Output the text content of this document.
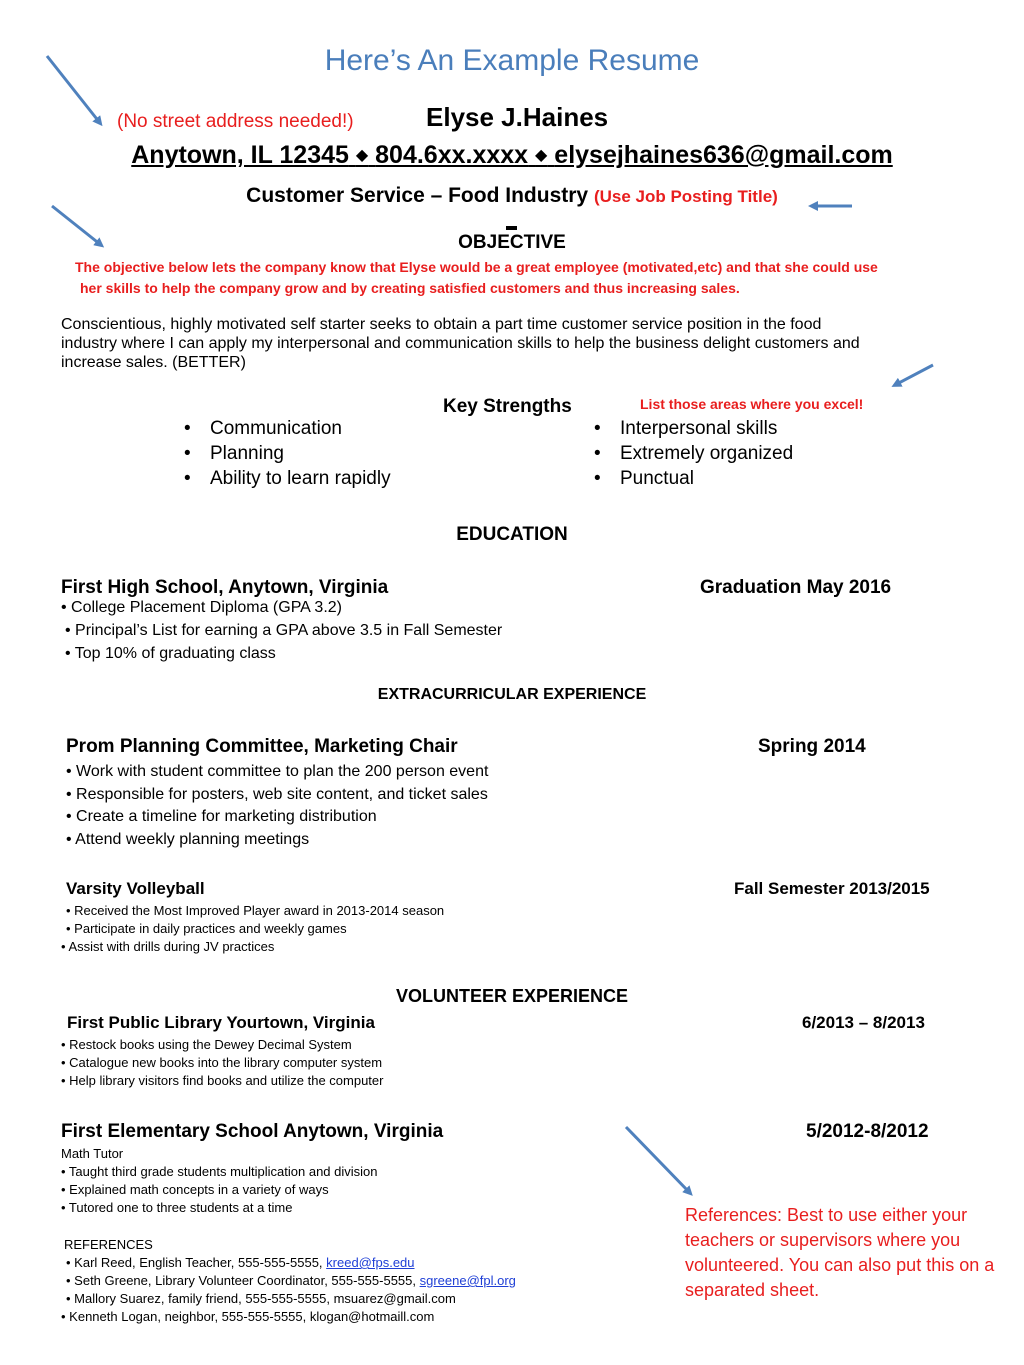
Here’s An Example Resume
(No street address needed!)	Elyse J.Haines
Anytown, IL 12345 ◆ 804.6xx.xxxx ◆ elysejhaines636@gmail.com
Customer Service – Food Industry (Use Job Posting Title)
OBJECTIVE
The objective below lets the company know that Elyse would be a great employee (motivated,etc) and that she could use
her skills to help the company grow and by creating satisfied customers and thus increasing sales.
Conscientious, highly motivated self starter seeks to obtain a part time customer service position in the food
industry where I can apply my interpersonal and communication skills to help the business delight customers and
increase sales. (BETTER)
Key Strengths	List those areas where you excel!
• Communication
• Planning
• Ability to learn rapidly
• Interpersonal skills
• Extremely organized
• Punctual
EDUCATION
First High School, Anytown, Virginia	Graduation May 2016
• College Placement Diploma (GPA 3.2)
• Principal’s List for earning a GPA above 3.5 in Fall Semester
• Top 10% of graduating class
EXTRACURRICULAR EXPERIENCE
Prom Planning Committee, Marketing Chair	Spring 2014
• Work with student committee to plan the 200 person event
• Responsible for posters, web site content, and ticket sales
• Create a timeline for marketing distribution
• Attend weekly planning meetings
Varsity Volleyball	Fall Semester 2013/2015
• Received the Most Improved Player award in 2013-2014 season
• Participate in daily practices and weekly games
• Assist with drills during JV practices
VOLUNTEER EXPERIENCE
First Public Library Yourtown, Virginia	6/2013 – 8/2013
• Restock books using the Dewey Decimal System
• Catalogue new books into the library computer system
• Help library visitors find books and utilize the computer
First Elementary School Anytown, Virginia	5/2012-8/2012
Math Tutor
• Taught third grade students multiplication and division
• Explained math concepts in a variety of ways
• Tutored one to three students at a time
REFERENCES
• Karl Reed, English Teacher, 555-555-5555, kreed@fps.edu
• Seth Greene, Library Volunteer Coordinator, 555-555-5555, sgreene@fpl.org
• Mallory Suarez, family friend, 555-555-5555, msuarez@gmail.com
• Kenneth Logan, neighbor, 555-555-5555, klogan@hotmaill.com
References: Best to use either your teachers or supervisors where you volunteered. You can also put this on a separated sheet.
